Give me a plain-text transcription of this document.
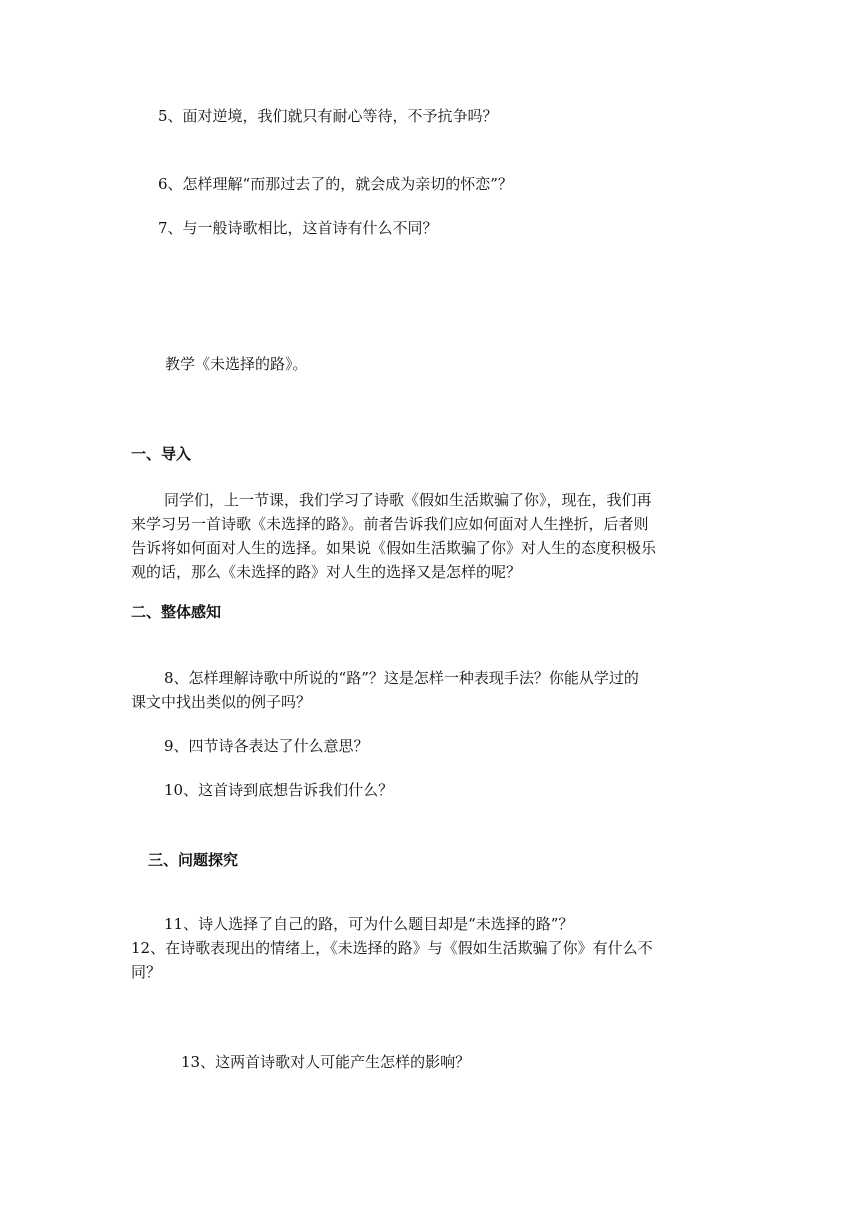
5、面对逆境，我们就只有耐心等待，不予抗争吗？
6、怎样理解“而那过去了的，就会成为亲切的怀恋”？
7、与一般诗歌相比，这首诗有什么不同？
教学《未选择的路》。
一、导入
同学们，上一节课，我们学习了诗歌《假如生活欺骗了你》，现在，我们再
来学习另一首诗歌《未选择的路》。前者告诉我们应如何面对人生挫折，后者则
告诉将如何面对人生的选择。如果说《假如生活欺骗了你》对人生的态度积极乐
观的话，那么《未选择的路》对人生的选择又是怎样的呢？
二、整体感知
8、怎样理解诗歌中所说的“路”？这是怎样一种表现手法？你能从学过的
课文中找出类似的例子吗？
9、四节诗各表达了什么意思？
10、这首诗到底想告诉我们什么？
三、问题探究
11、诗人选择了自己的路，可为什么题目却是“未选择的路”？
12、在诗歌表现出的情绪上，《未选择的路》与《假如生活欺骗了你》有什么不
同？
13、这两首诗歌对人可能产生怎样的影响？
